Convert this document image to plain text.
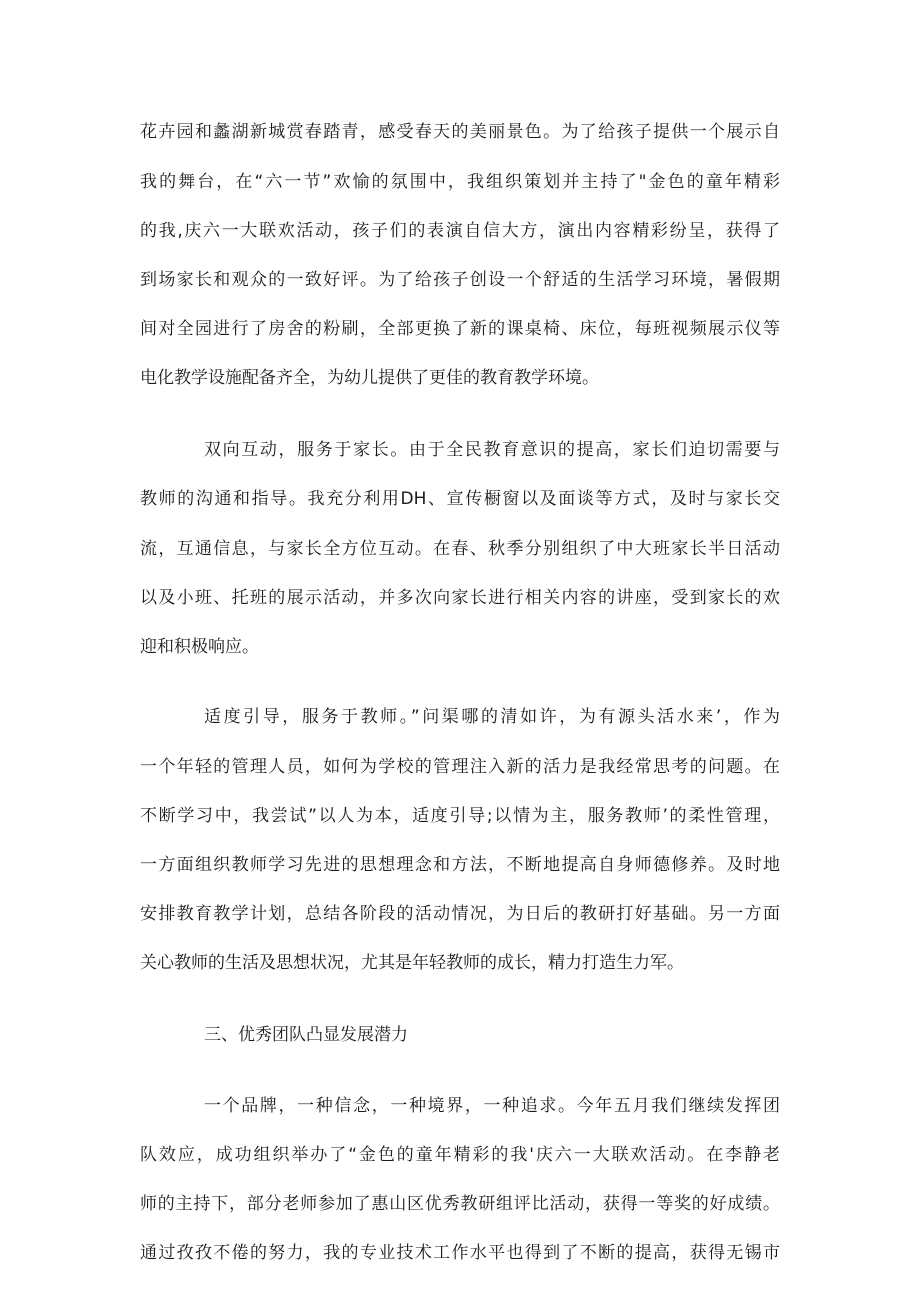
花卉园和蠡湖新城赏春踏青，感受春天的美丽景色。为了给孩子提供一个展示自
我的舞台，在“六一节”欢愉的氛围中，我组织策划并主持了"金色的童年精彩
的我,庆六一大联欢活动，孩子们的表演自信大方，演出内容精彩纷呈，获得了
到场家长和观众的一致好评。为了给孩子创设一个舒适的生活学习环境，暑假期
间对全园进行了房舍的粉刷，全部更换了新的课桌椅、床位，每班视频展示仪等
电化教学设施配备齐全，为幼儿提供了更佳的教育教学环境。
双向互动，服务于家长。由于全民教育意识的提高，家长们迫切需要与
教师的沟通和指导。我充分利用DH、宣传橱窗以及面谈等方式，及时与家长交
流，互通信息，与家长全方位互动。在春、秋季分别组织了中大班家长半日活动
以及小班、托班的展示活动，并多次向家长进行相关内容的讲座，受到家长的欢
迎和积极响应。
适度引导，服务于教师。”问渠哪的清如许，为有源头活水来’，作为
一个年轻的管理人员，如何为学校的管理注入新的活力是我经常思考的问题。在
不断学习中，我尝试”以人为本，适度引导;以情为主，服务教师’的柔性管理，
一方面组织教师学习先进的思想理念和方法，不断地提高自身师德修养。及时地
安排教育教学计划，总结各阶段的活动情况，为日后的教研打好基础。另一方面
关心教师的生活及思想状况，尤其是年轻教师的成长，精力打造生力军。
三、优秀团队凸显发展潜力
一个品牌，一种信念，一种境界，一种追求。今年五月我们继续发挥团
队效应，成功组织举办了“金色的童年精彩的我'庆六一大联欢活动。在李静老
师的主持下，部分老师参加了惠山区优秀教研组评比活动，获得一等奖的好成绩。
通过孜孜不倦的努力，我的专业技术工作水平也得到了不断的提高，获得无锡市
